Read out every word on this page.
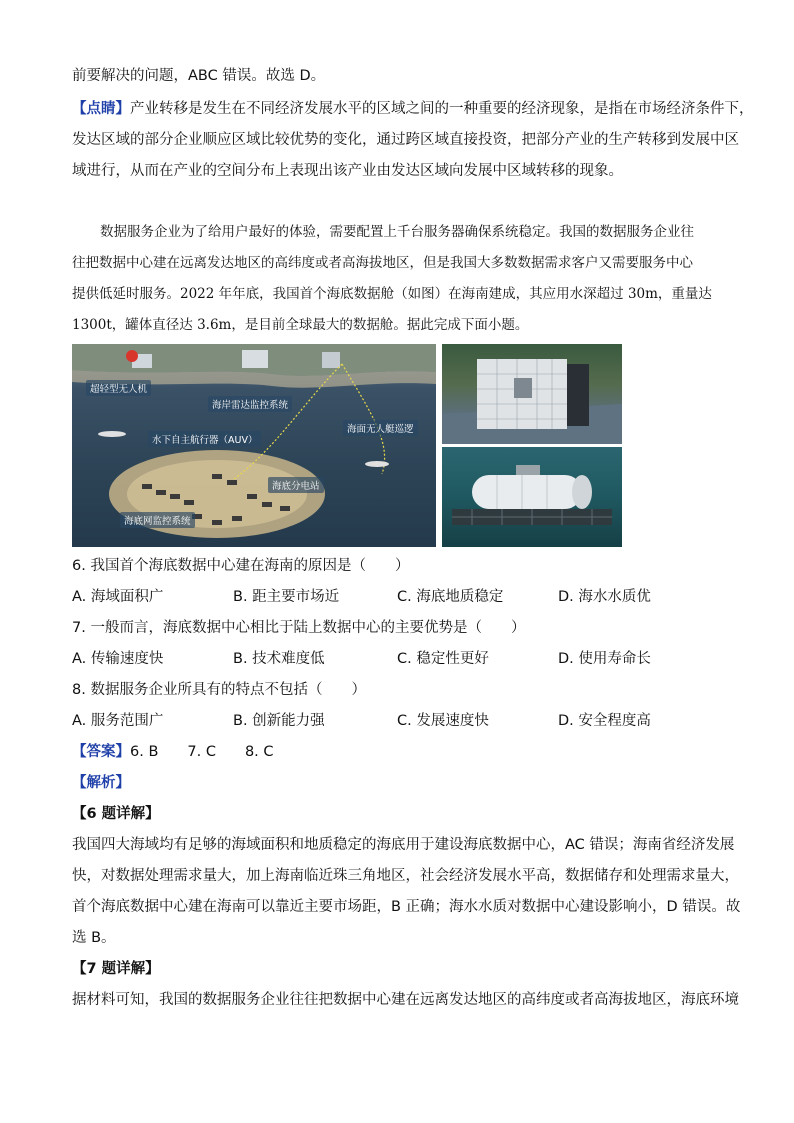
前要解决的问题，ABC 错误。故选 D。
【点睛】产业转移是发生在不同经济发展水平的区域之间的一种重要的经济现象，是指在市场经济条件下，
发达区域的部分企业顺应区域比较优势的变化，通过跨区域直接投资，把部分产业的生产转移到发展中区
域进行，从而在产业的空间分布上表现出该产业由发达区域向发展中区域转移的现象。
数据服务企业为了给用户最好的体验，需要配置上千台服务器确保系统稳定。我国的数据服务企业往
往把数据中心建在远离发达地区的高纬度或者高海拔地区，但是我国大多数数据需求客户又需要服务中心
提供低延时服务。2022 年年底，我国首个海底数据舱（如图）在海南建成，其应用水深超过 30m，重量达
1300t，罐体直径达 3.6m，是目前全球最大的数据舱。据此完成下面小题。
超轻型无人机
海岸雷达监控系统
水下自主航行器（AUV）
海面无人艇巡逻
海底分电站
海底网监控系统
6. 我国首个海底数据中心建在海南的原因是（　　）
A. 海域面积广	B. 距主要市场近	C. 海底地质稳定	D. 海水水质优
7. 一般而言，海底数据中心相比于陆上数据中心的主要优势是（　　）
A. 传输速度快	B. 技术难度低	C. 稳定性更好	D. 使用寿命长
8. 数据服务企业所具有的特点不包括（　　）
A. 服务范围广	B. 创新能力强	C. 发展速度快	D. 安全程度高
【答案】6. B　　7. C　　8. C
【解析】
【6 题详解】
我国四大海域均有足够的海域面积和地质稳定的海底用于建设海底数据中心，AC 错误；海南省经济发展
快，对数据处理需求量大，加上海南临近珠三角地区，社会经济发展水平高，数据储存和处理需求量大，
首个海底数据中心建在海南可以靠近主要市场距，B 正确；海水水质对数据中心建设影响小，D 错误。故
选 B。
【7 题详解】
据材料可知，我国的数据服务企业往往把数据中心建在远离发达地区的高纬度或者高海拔地区，海底环境
